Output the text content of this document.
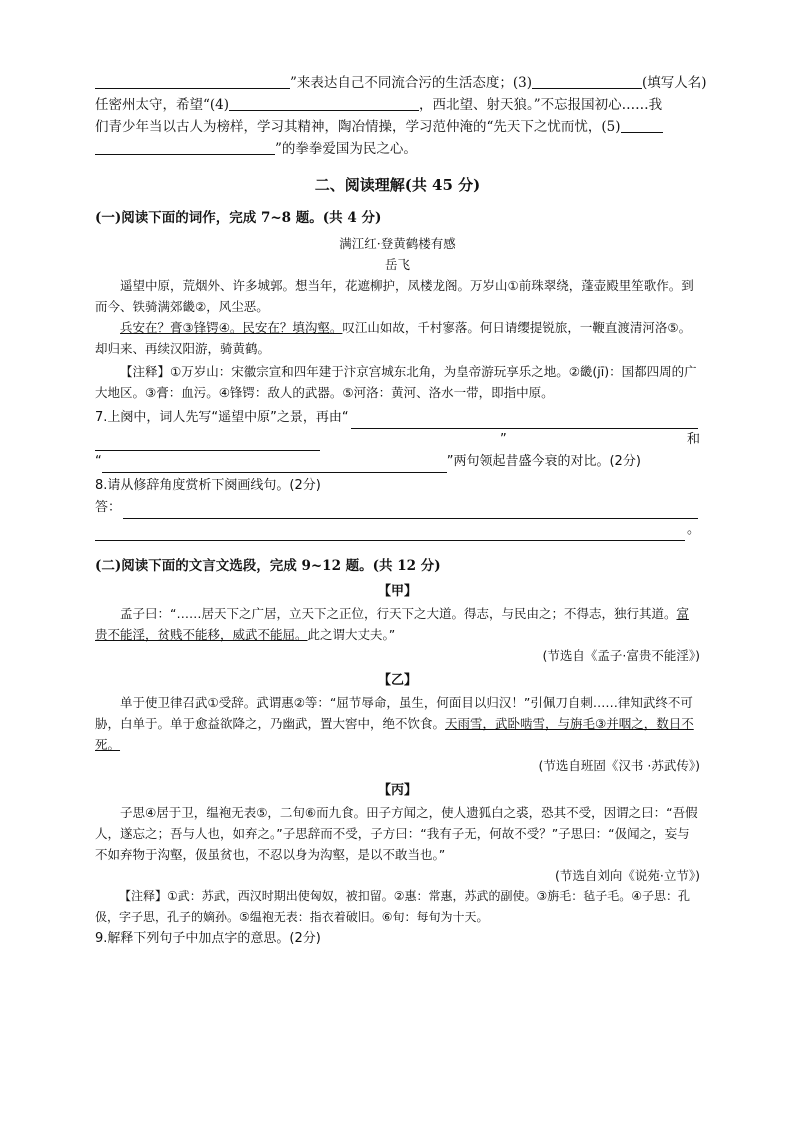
”来表达自己不同流合污的生活态度；(3)	(填写人名)
任密州太守，希望“(4)	，西北望、射天狼。”不忘报国初心……我
们青少年当以古人为榜样，学习其精神，陶冶情操，学习范仲淹的“先天下之忧而忧，(5)
”的拳拳爱国为民之心。
二、阅读理解(共 45 分)
(一)阅读下面的词作，完成 7~8 题。(共 4 分)
满江红·登黄鹤楼有感
岳飞
遥望中原，荒烟外、许多城郭。想当年，花遮柳护，凤楼龙阁。万岁山①前珠翠绕，蓬壶殿里笙歌作。到而今、铁骑满郊畿②，风尘恶。
兵安在？膏③锋锷④。民安在？填沟壑。叹江山如故，千村寥落。何日请缨提锐旅，一鞭直渡清河洛⑤。却归来、再续汉阳游，骑黄鹤。
【注释】①万岁山：宋徽宗宣和四年建于汴京宫城东北角，为皇帝游玩享乐之地。②畿(jī)：国都四周的广大地区。③膏：血污。④锋锷：敌人的武器。⑤河洛：黄河、洛水一带，即指中原。
7.上阕中，词人先写“遥望中原”之景，再由“
”	和
“	”两句领起昔盛今衰的对比。(2分)
8.请从修辞角度赏析下阕画线句。(2分)
答：
。
(二)阅读下面的文言文选段，完成 9~12 题。(共 12 分)
【甲】
孟子曰：“……居天下之广居，立天下之正位，行天下之大道。得志，与民由之；不得志，独行其道。富贵不能淫，贫贱不能移，威武不能屈。此之谓大丈夫。”
(节选自《孟子·富贵不能淫》)
【乙】
单于使卫律召武①受辞。武谓惠②等：“屈节辱命，虽生，何面目以归汉！”引佩刀自刺……律知武终不可胁，白单于。单于愈益欲降之，乃幽武，置大窖中，绝不饮食。天雨雪，武卧啮雪，与旃毛③并咽之，数日不死。
(节选自班固《汉书 ·苏武传》)
【丙】
子思④居于卫，缊袍无表⑤，二旬⑥而九食。田子方闻之，使人遗狐白之裘，恐其不受，因谓之曰：“吾假人，遂忘之；吾与人也，如弃之。”子思辞而不受，子方曰：“我有子无，何故不受？”子思曰：“伋闻之，妄与不如弃物于沟壑，伋虽贫也，不忍以身为沟壑，是以不敢当也。”
(节选自刘向《说苑·立节》)
【注释】①武：苏武，西汉时期出使匈奴，被扣留。②惠：常惠，苏武的副使。③旃毛：毡子毛。④子思：孔伋，字子思，孔子的嫡孙。⑤缊袍无表：指衣着破旧。⑥旬：每旬为十天。
9.解释下列句子中加点字的意思。(2分)
